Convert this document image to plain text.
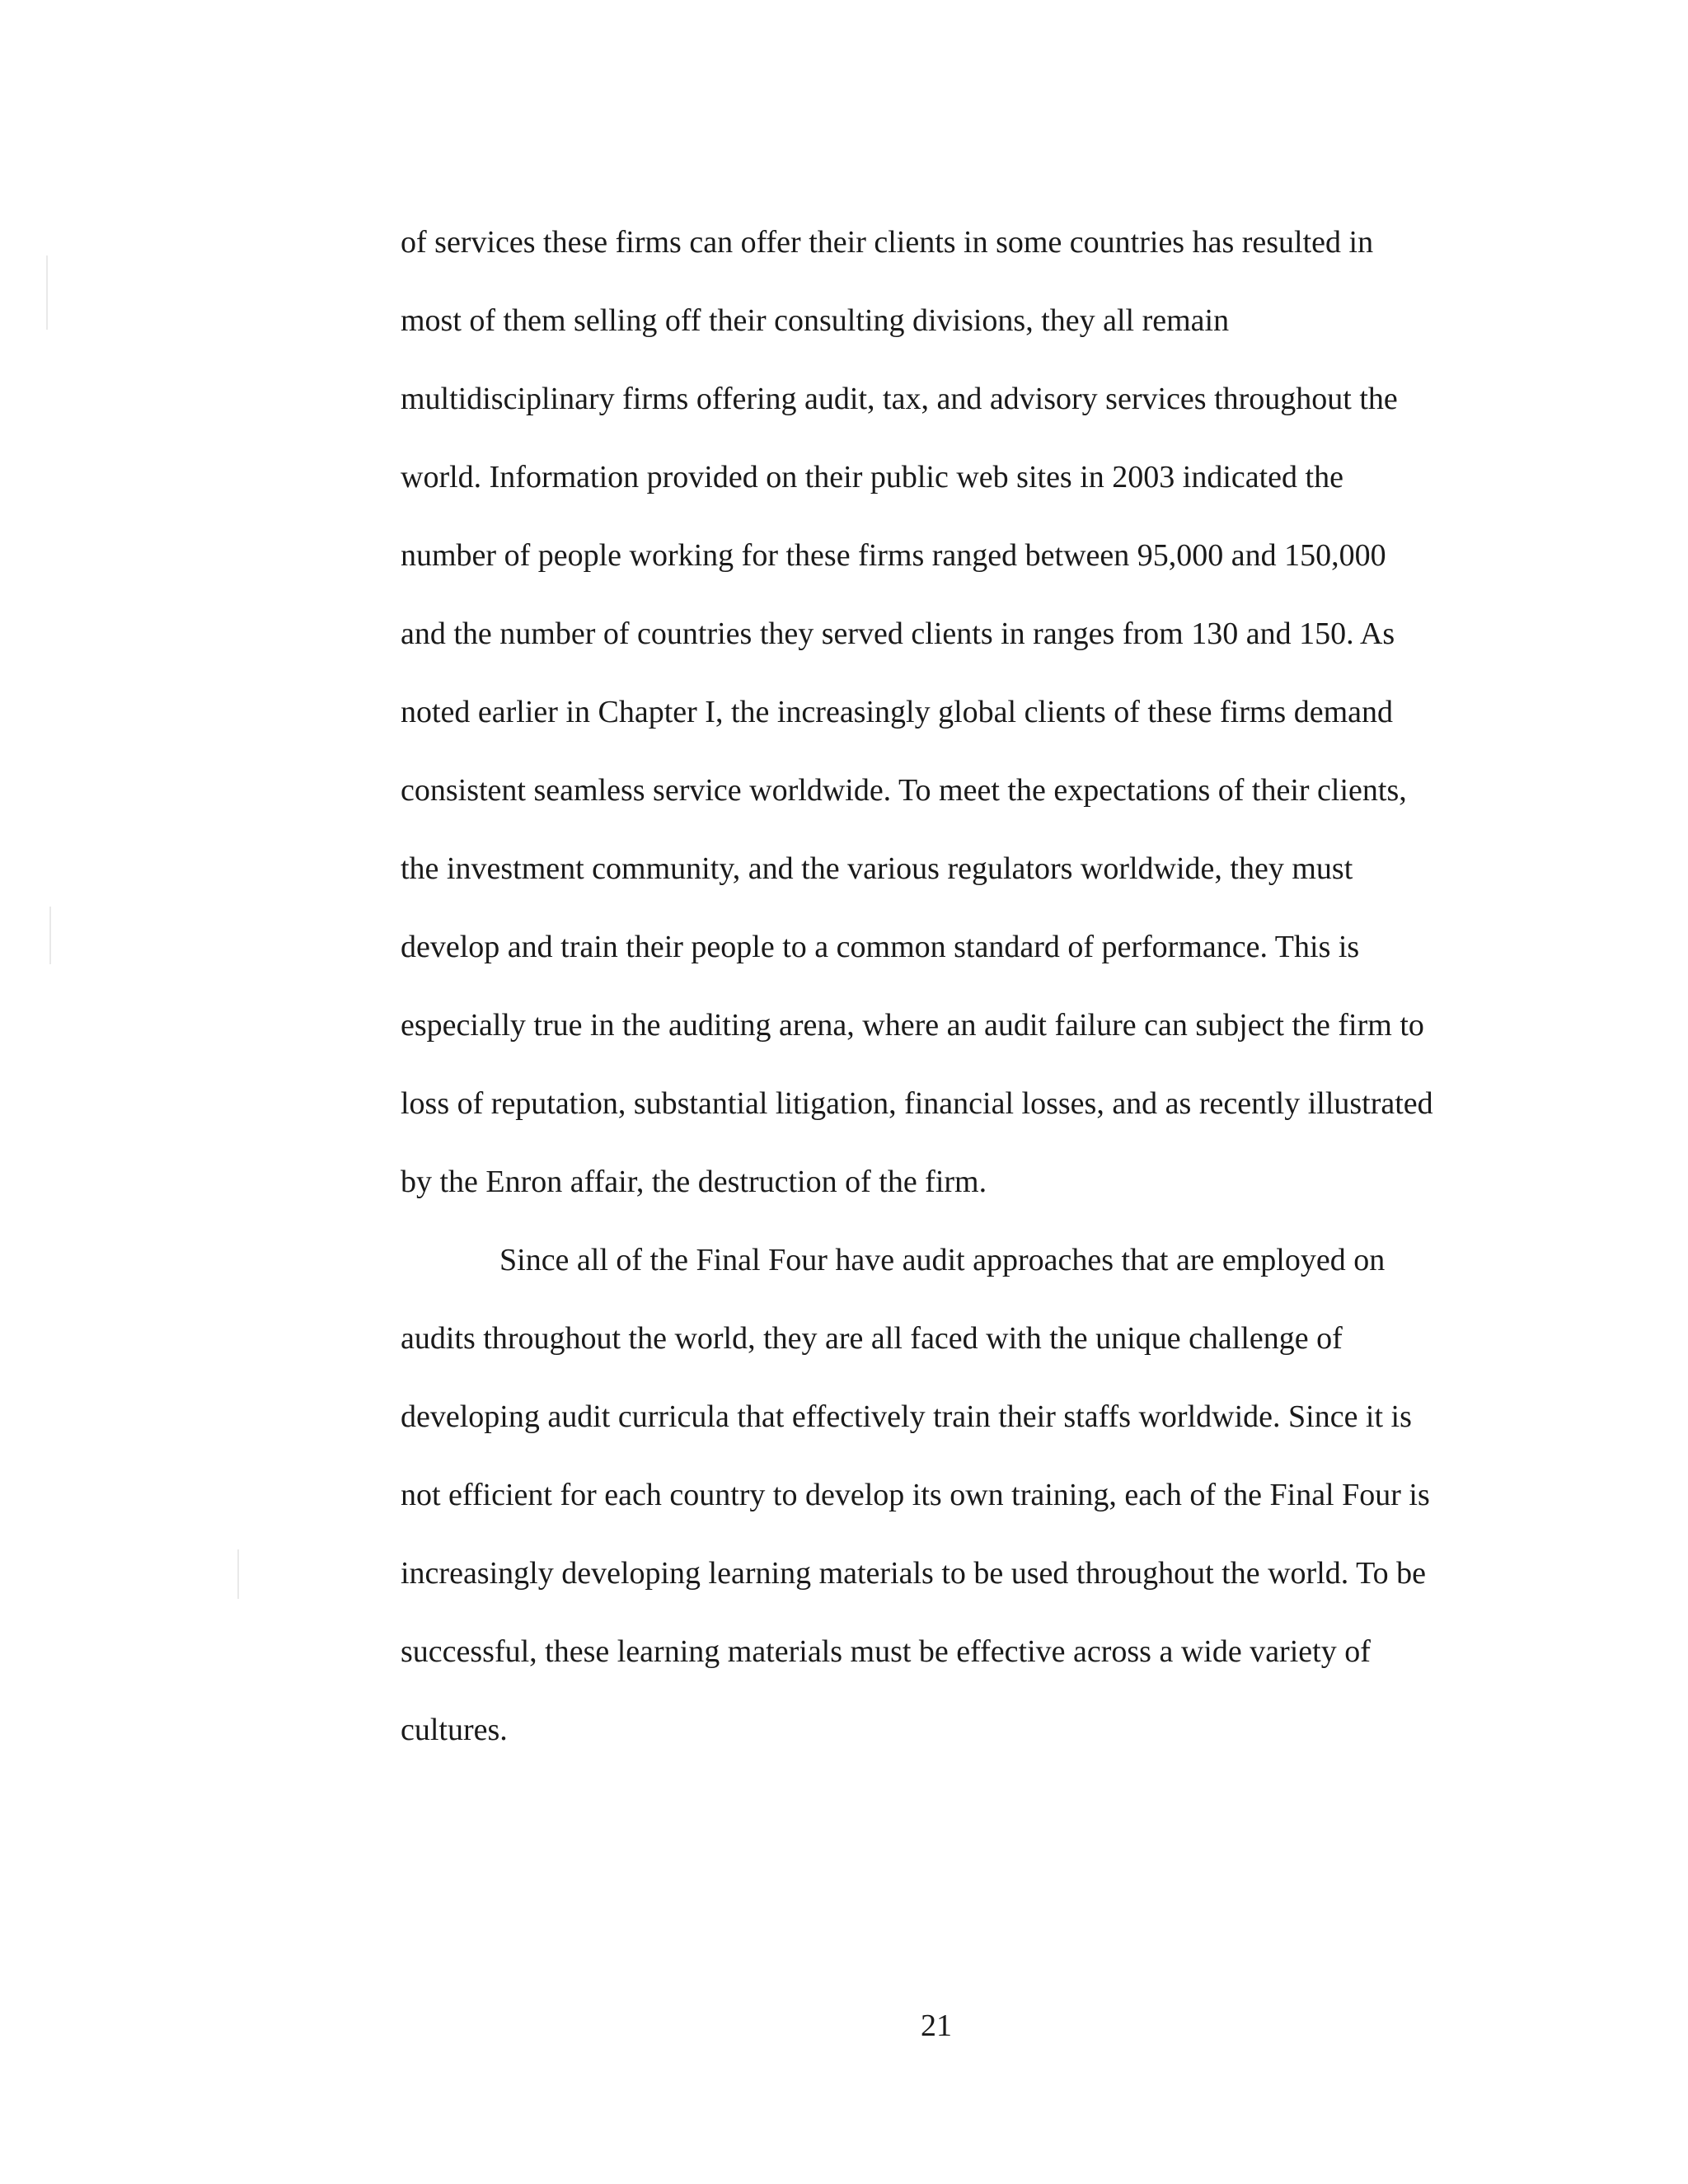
of services these firms can offer their clients in some countries has resulted in

most of them selling off their consulting divisions, they all remain

multidisciplinary firms offering audit, tax, and advisory services throughout the

world. Information provided on their public web sites in 2003 indicated the

number of people working for these firms ranged between 95,000 and 150,000

and the number of countries they served clients in ranges from 130 and 150. As

noted earlier in Chapter I, the increasingly global clients of these firms demand

consistent seamless service worldwide. To meet the expectations of their clients,

the investment community, and the various regulators worldwide, they must

develop and train their people to a common standard of performance. This is

especially true in the auditing arena, where an audit failure can subject the firm to

loss of reputation, substantial litigation, financial losses, and as recently illustrated

by the Enron affair, the destruction of the firm.

Since all of the Final Four have audit approaches that are employed on

audits throughout the world, they are all faced with the unique challenge of

developing audit curricula that effectively train their staffs worldwide. Since it is

not efficient for each country to develop its own training, each of the Final Four is

increasingly developing learning materials to be used throughout the world. To be

successful, these learning materials must be effective across a wide variety of

cultures.

21
